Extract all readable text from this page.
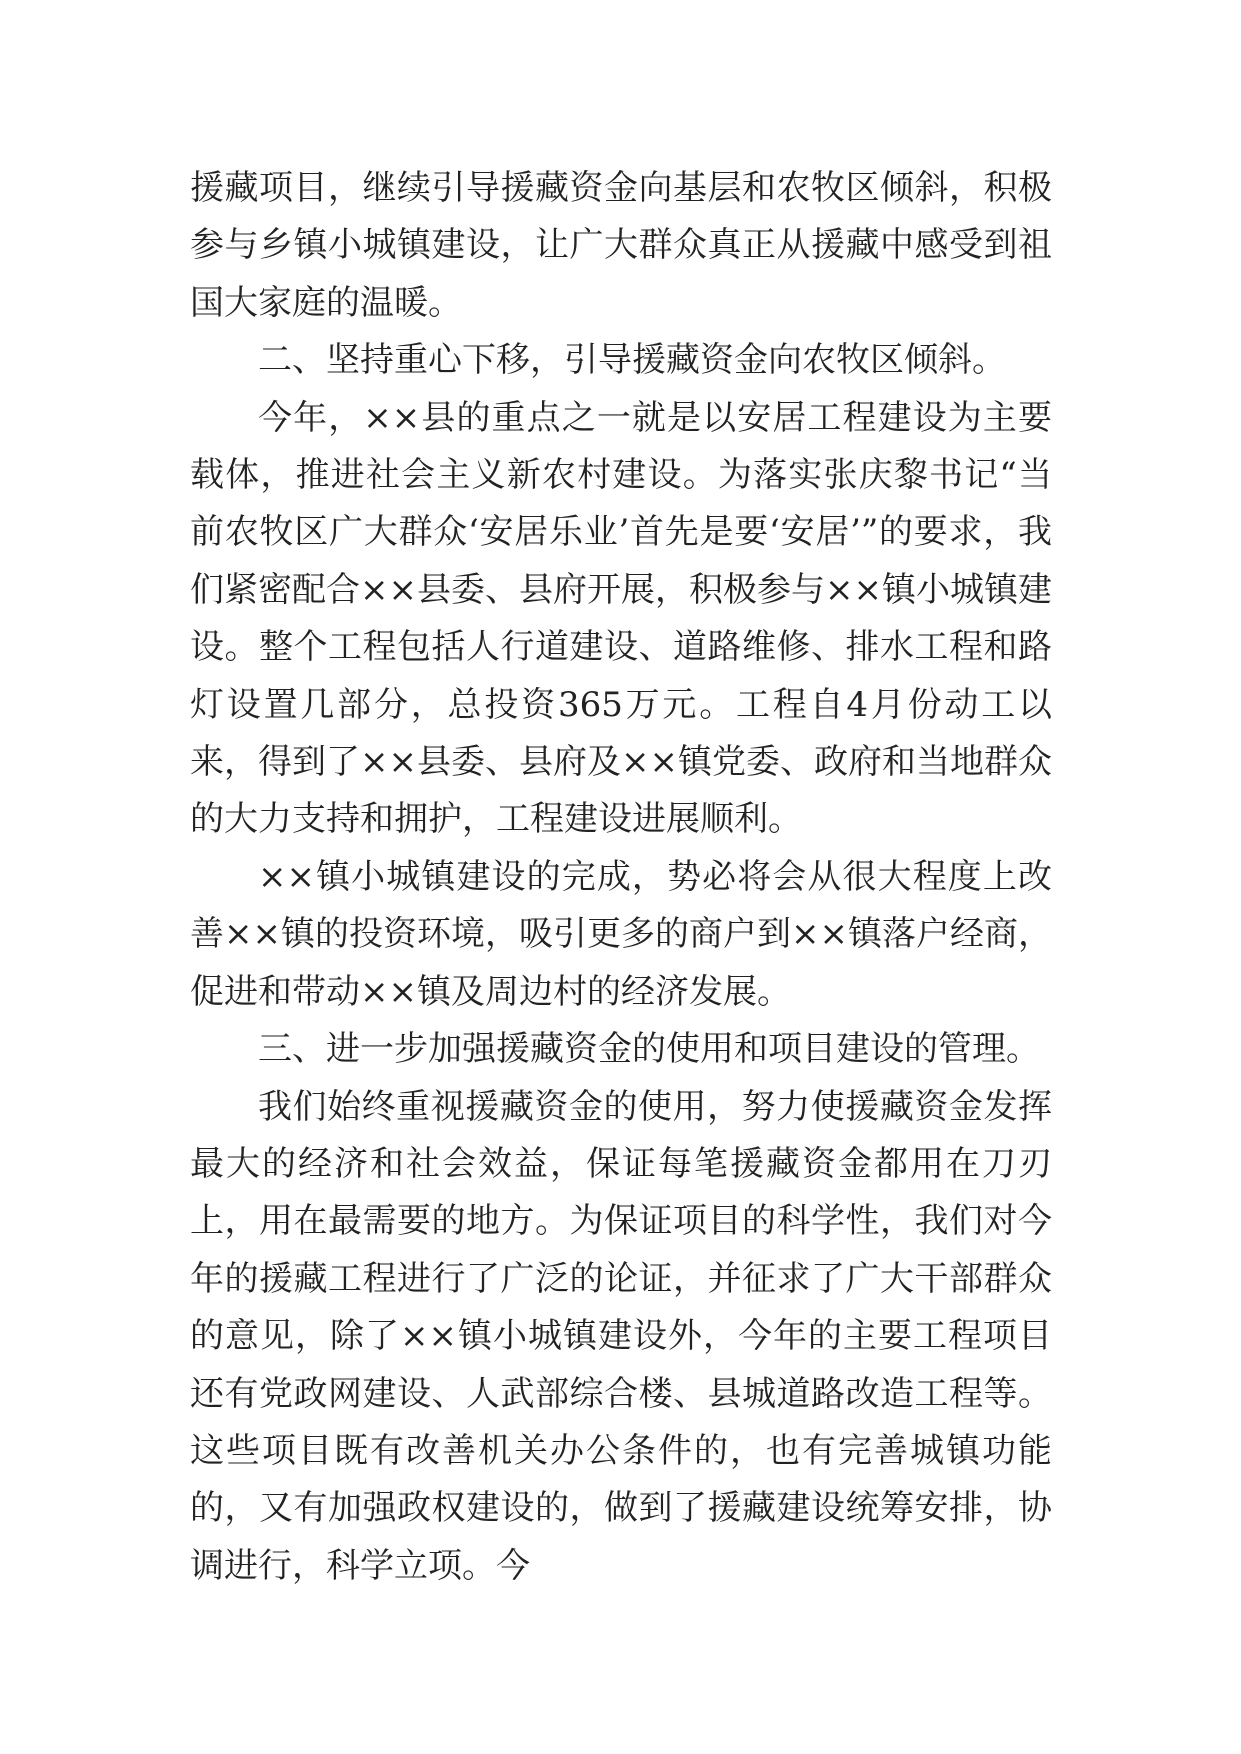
援藏项目，继续引导援藏资金向基层和农牧区倾斜，积极参与乡镇小城镇建设，让广大群众真正从援藏中感受到祖国大家庭的温暖。

二、坚持重心下移，引导援藏资金向农牧区倾斜。

今年，××县的重点之一就是以安居工程建设为主要载体，推进社会主义新农村建设。为落实张庆黎书记“当前农牧区广大群众‘安居乐业’首先是要‘安居’”的要求，我们紧密配合××县委、县府开展，积极参与××镇小城镇建设。整个工程包括人行道建设、道路维修、排水工程和路灯设置几部分，总投资365万元。工程自4月份动工以来，得到了××县委、县府及××镇党委、政府和当地群众的大力支持和拥护，工程建设进展顺利。

××镇小城镇建设的完成，势必将会从很大程度上改善××镇的投资环境，吸引更多的商户到××镇落户经商，促进和带动××镇及周边村的经济发展。

三、进一步加强援藏资金的使用和项目建设的管理。

我们始终重视援藏资金的使用，努力使援藏资金发挥最大的经济和社会效益，保证每笔援藏资金都用在刀刃上，用在最需要的地方。为保证项目的科学性，我们对今年的援藏工程进行了广泛的论证，并征求了广大干部群众的意见，除了××镇小城镇建设外，今年的主要工程项目还有党政网建设、人武部综合楼、县城道路改造工程等。这些项目既有改善机关办公条件的，也有完善城镇功能的，又有加强政权建设的，做到了援藏建设统筹安排，协调进行，科学立项。今
